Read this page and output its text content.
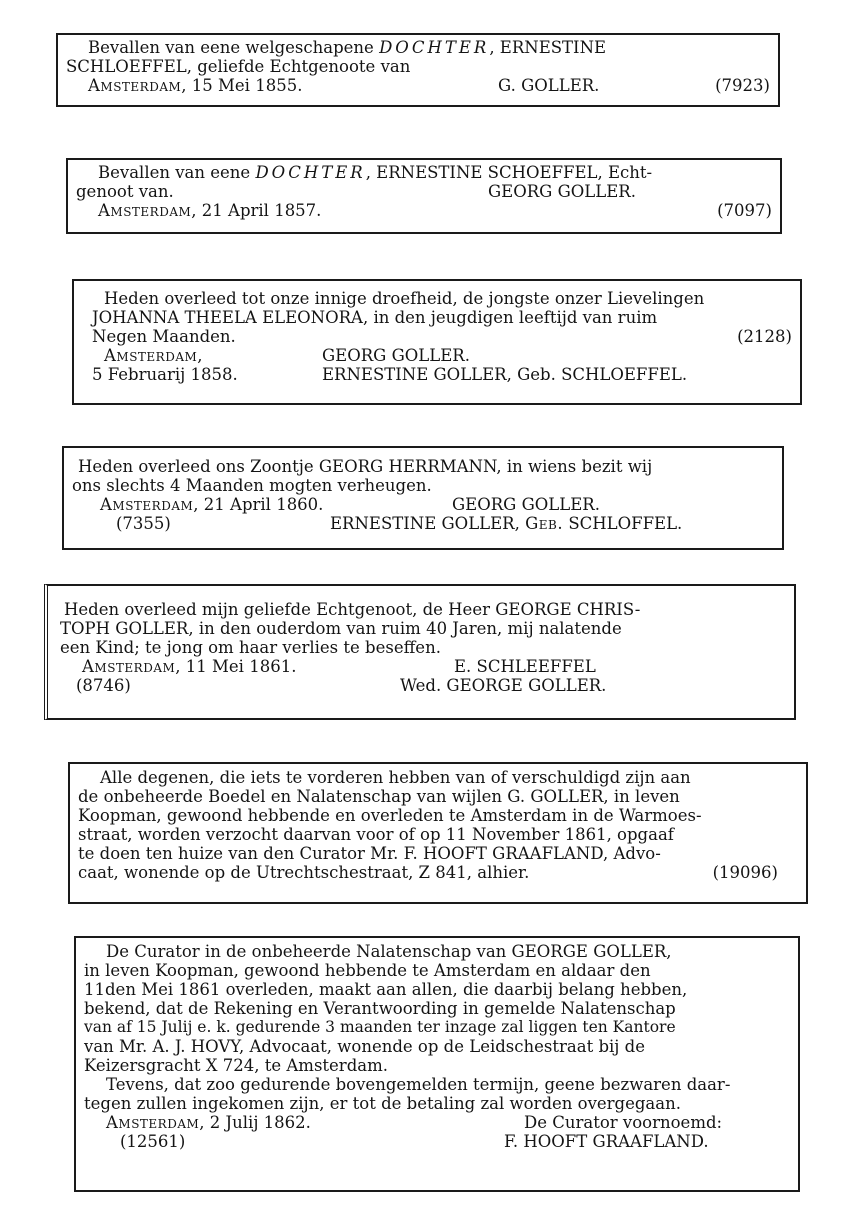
Bevallen van eene welgeschapene DOCHTER, ERNESTINE
SCHLOEFFEL, geliefde Echtgenoote van
Amsterdam, 15 Mei 1855.	G. GOLLER.	(7923)
Bevallen van eene DOCHTER, ERNESTINE SCHOEFFEL, Echt-
genoot van.	GEORG GOLLER.
Amsterdam, 21 April 1857.	(7097)
Heden overleed tot onze innige droefheid, de jongste onzer Lievelingen
JOHANNA THEELA ELEONORA, in den jeugdigen leeftijd van ruim
Negen Maanden.	(2128)
Amsterdam,	GEORG GOLLER.
5 Februarij 1858.	ERNESTINE GOLLER, Geb. SCHLOEFFEL.
Heden overleed ons Zoontje GEORG HERRMANN, in wiens bezit wij
ons slechts 4 Maanden mogten verheugen.
Amsterdam, 21 April 1860.	GEORG GOLLER.
(7355)	ERNESTINE GOLLER, Geb. SCHLOFFEL.
Heden overleed mijn geliefde Echtgenoot, de Heer GEORGE CHRIS-
TOPH GOLLER, in den ouderdom van ruim 40 Jaren, mij nalatende
een Kind; te jong om haar verlies te beseffen.
Amsterdam, 11 Mei 1861.	E. SCHLEEFFEL
(8746)	Wed. GEORGE GOLLER.
Alle degenen, die iets te vorderen hebben van of verschuldigd zijn aan
de onbeheerde Boedel en Nalatenschap van wijlen G. GOLLER, in leven
Koopman, gewoond hebbende en overleden te Amsterdam in de Warmoes-
straat, worden verzocht daarvan voor of op 11 November 1861, opgaaf
te doen ten huize van den Curator Mr. F. HOOFT GRAAFLAND, Advo-
caat, wonende op de Utrechtschestraat, Z 841, alhier.	(19096)
De Curator in de onbeheerde Nalatenschap van GEORGE GOLLER,
in leven Koopman, gewoond hebbende te Amsterdam en aldaar den
11den Mei 1861 overleden, maakt aan allen, die daarbij belang hebben,
bekend, dat de Rekening en Verantwoording in gemelde Nalatenschap
van af 15 Julij e. k. gedurende 3 maanden ter inzage zal liggen ten Kantore
van Mr. A. J. HOVY, Advocaat, wonende op de Leidschestraat bij de
Keizersgracht X 724, te Amsterdam.
Tevens, dat zoo gedurende bovengemelden termijn, geene bezwaren daar-
tegen zullen ingekomen zijn, er tot de betaling zal worden overgegaan.
Amsterdam, 2 Julij 1862.	De Curator voornoemd:
(12561)	F. HOOFT GRAAFLAND.
